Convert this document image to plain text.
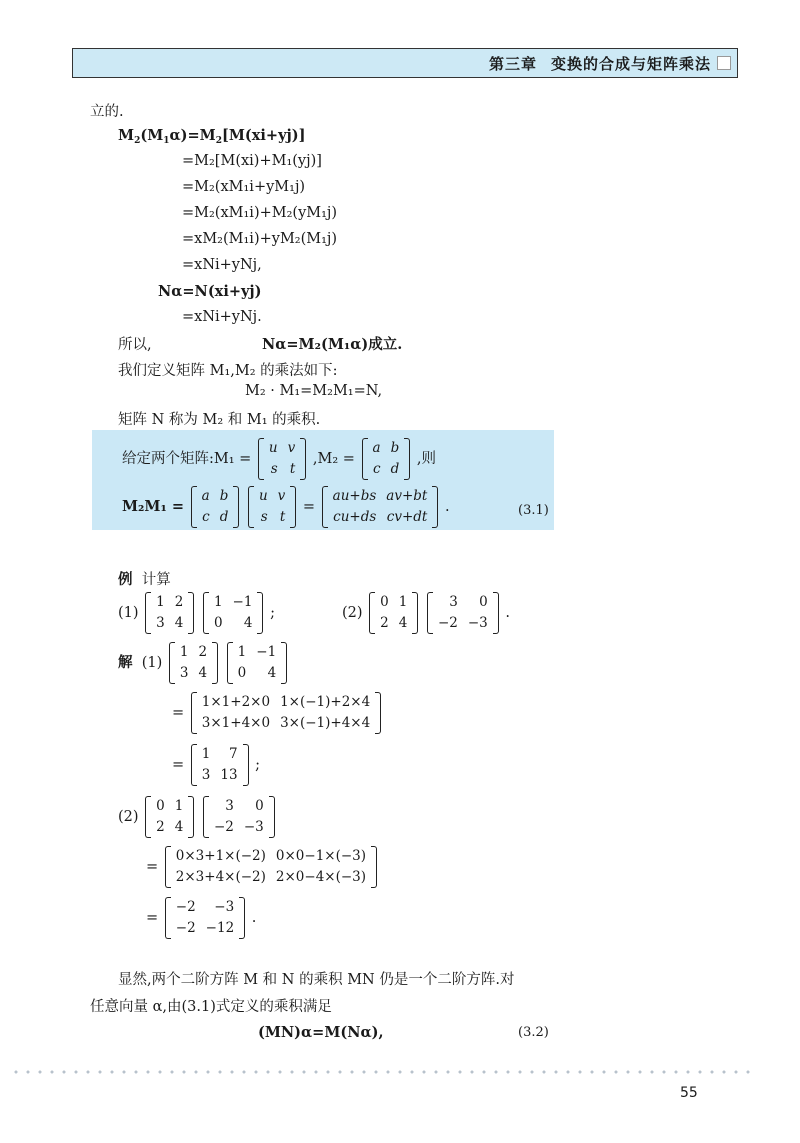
第三章 变换的合成与矩阵乘法
立的.
$M_2(M_1\alpha)=M_2[M(xi+yj)]$
=M₂[M(xi)+M₁(yj)]
=M₂(xM₁i+yM₁j)
=M₂(xM₁i)+M₂(yM₁j)
=xM₂(M₁i)+yM₂(M₁j)
=xNi+yNj,
Nα=N(xi+yj)
=xNi+yNj.
所以,	Nα=M₂(M₁α)成立.
我们定义矩阵 M₁,M₂ 的乘法如下:
M₂ · M₁=M₂M₁=N,
矩阵 N 称为 M₂ 和 M₁ 的乘积.
给定两个矩阵:M₁ =
u	v
s	t
,M₂ =
a	b
c	d
,则
M₂M₁ =
a	b
c	d

u	v
s	t
=
au+bs	av+bt
cu+ds	cv+dt
.	(3.1)
例 计算
(1)
1	2
3	4

1	−1
0	4
;	(2)
0	1
2	4

3	0
−2	−3
.
解 (1)
1	2
3	4

1	−1
0	4
=
1×1+2×0	1×(−1)+2×4
3×1+4×0	3×(−1)+4×4
=
1	7
3	13
;
(2)
0	1
2	4

3	0
−2	−3
=
0×3+1×(−2)	0×0−1×(−3)
2×3+4×(−2)	2×0−4×(−3)
=
−2	−3
−2	−12
.
显然,两个二阶方阵 M 和 N 的乘积 MN 仍是一个二阶方阵.对
任意向量 α,由(3.1)式定义的乘积满足
(MN)α=M(Nα),	(3.2)
55
